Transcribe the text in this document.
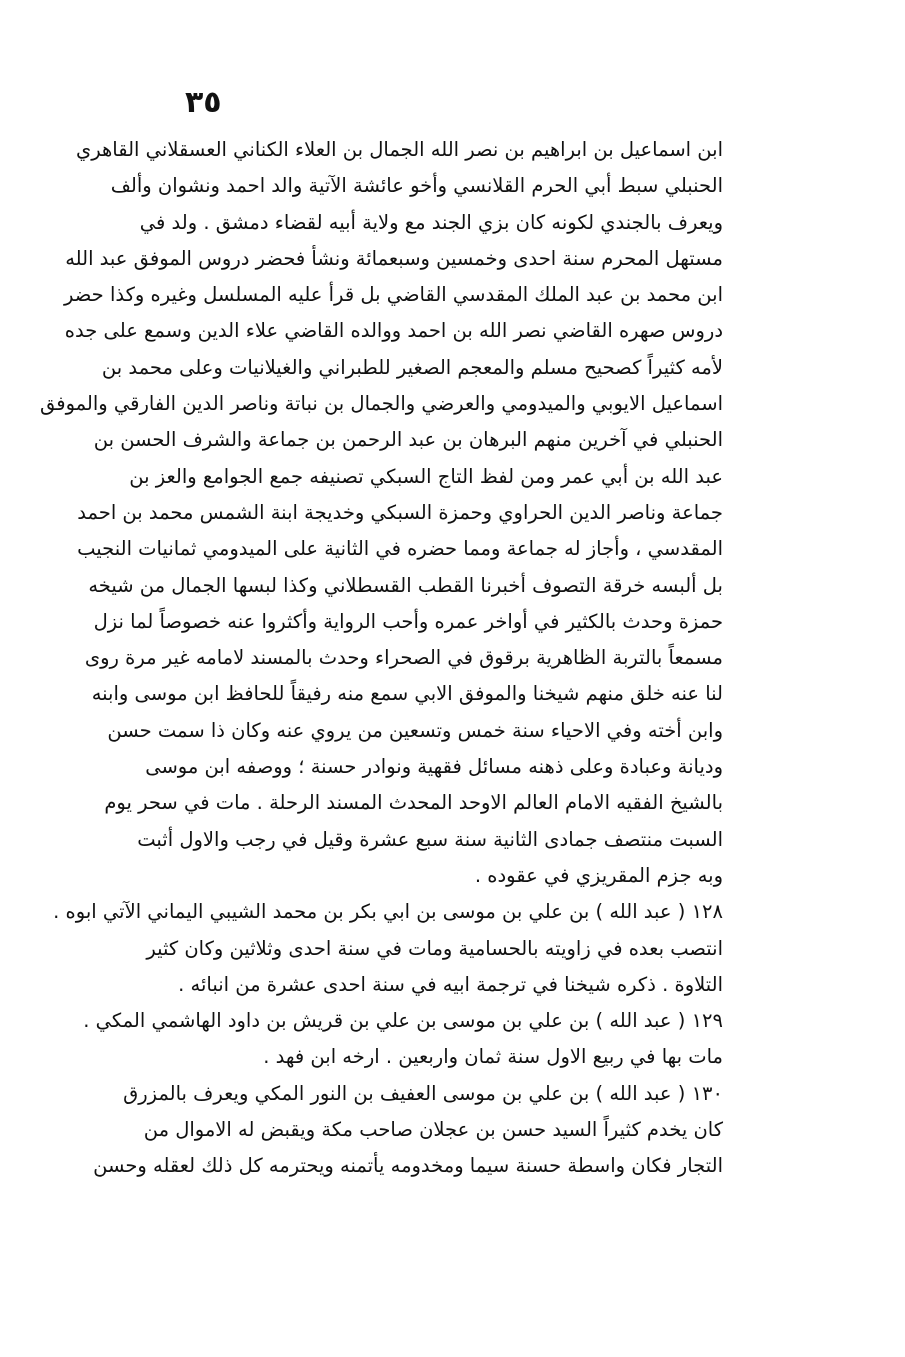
٣٥
ابن اسماعيل بن ابراهيم بن نصر الله الجمال بن العلاء الكناني العسقلاني القاهري
الحنبلي سبط أبي الحرم القلانسي وأخو عائشة الآتية والد احمد ونشوان وألف
ويعرف بالجندي لكونه كان بزي الجند مع ولاية أبيه لقضاء دمشق . ولد في
مستهل المحرم سنة احدى وخمسين وسبعمائة ونشأ فحضر دروس الموفق عبد الله
ابن محمد بن عبد الملك المقدسي القاضي بل قرأ عليه المسلسل وغيره وكذا حضر
دروس صهره القاضي نصر الله بن احمد ووالده القاضي علاء الدين وسمع على جده
لأمه كثيراً كصحيح مسلم والمعجم الصغير للطبراني والغيلانيات وعلى محمد بن
اسماعيل الايوبي والميدومي والعرضي والجمال بن نباتة وناصر الدين الفارقي والموفق
الحنبلي في آخرين منهم البرهان بن عبد الرحمن بن جماعة والشرف الحسن بن
عبد الله بن أبي عمر ومن لفظ التاج السبكي تصنيفه جمع الجوامع والعز بن
جماعة وناصر الدين الحراوي وحمزة السبكي وخديجة ابنة الشمس محمد بن احمد
المقدسي ، وأجاز له جماعة ومما حضره في الثانية على الميدومي ثمانيات النجيب
بل ألبسه خرقة التصوف أخبرنا القطب القسطلاني وكذا لبسها الجمال من شيخه
حمزة وحدث بالكثير في أواخر عمره وأحب الرواية وأكثروا عنه خصوصاً لما نزل
مسمعاً بالتربة الظاهرية برقوق في الصحراء وحدث بالمسند لامامه غير مرة روى
لنا عنه خلق منهم شيخنا والموفق الابي سمع منه رفيقاً للحافظ ابن موسى وابنه
وابن أخته وفي الاحياء سنة خمس وتسعين من يروي عنه وكان ذا سمت حسن
وديانة وعبادة وعلى ذهنه مسائل فقهية ونوادر حسنة ؛ ووصفه ابن موسى
بالشيخ الفقيه الامام العالم الاوحد المحدث المسند الرحلة . مات في سحر يوم
السبت منتصف جمادى الثانية سنة سبع عشرة وقيل في رجب والاول أثبت
وبه جزم المقريزي في عقوده .
١٢٨ ( عبد الله ) بن علي بن موسى بن ابي بكر بن محمد الشيبي اليماني الآتي ابوه .
انتصب بعده في زاويته بالحسامية ومات في سنة احدى وثلاثين وكان كثير
التلاوة . ذكره شيخنا في ترجمة ابيه في سنة احدى عشرة من انبائه .
١٢٩ ( عبد الله ) بن علي بن موسى بن علي بن قريش بن داود الهاشمي المكي .
مات بها في ربيع الاول سنة ثمان واربعين . ارخه ابن فهد .
١٣٠ ( عبد الله ) بن علي بن موسى العفيف بن النور المكي ويعرف بالمزرق
كان يخدم كثيراً السيد حسن بن عجلان صاحب مكة ويقبض له الاموال من
التجار فكان واسطة حسنة سيما ومخدومه يأتمنه ويحترمه كل ذلك لعقله وحسن
